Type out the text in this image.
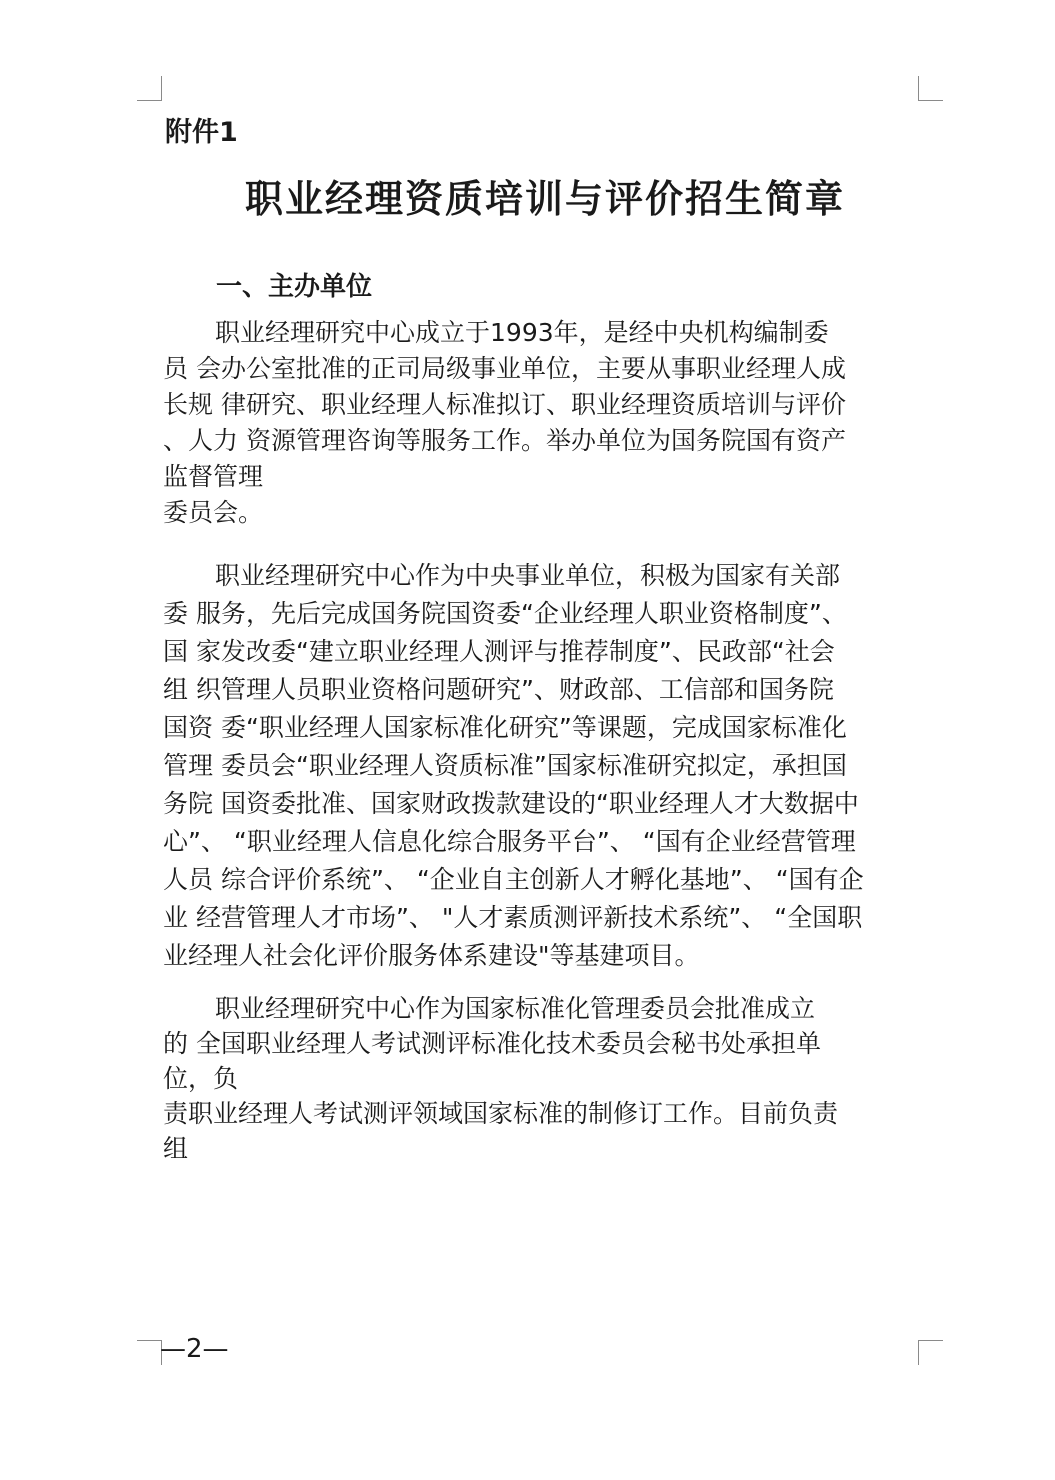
附件1
职业经理资质培训与评价招生简章
一、主办单位
职业经理研究中心成立于1993年，是经中央机构编制委
员 会办公室批准的正司局级事业单位，主要从事职业经理人成
长规 律研究、职业经理人标准拟订、职业经理资质培训与评价
、人力 资源管理咨询等服务工作。举办单位为国务院国有资产
监督管理
委员会。
职业经理研究中心作为中央事业单位，积极为国家有关部
委 服务，先后完成国务院国资委“企业经理人职业资格制度”、
国 家发改委“建立职业经理人测评与推荐制度”、民政部“社会
组 织管理人员职业资格问题研究”、财政部、工信部和国务院
国资 委“职业经理人国家标准化研究”等课题，完成国家标准化
管理 委员会“职业经理人资质标准”国家标准研究拟定，承担国
务院 国资委批准、国家财政拨款建设的“职业经理人才大数据中
心”、 “职业经理人信息化综合服务平台”、 “国有企业经营管理
人员 综合评价系统”、 “企业自主创新人才孵化基地”、 “国有企
业 经营管理人才市场”、 "人才素质测评新技术系统”、 “全国职
业经理人社会化评价服务体系建设"等基建项目。
职业经理研究中心作为国家标准化管理委员会批准成立
的 全国职业经理人考试测评标准化技术委员会秘书处承担单
位，负
责职业经理人考试测评领域国家标准的制修订工作。目前负责
组
—2—
